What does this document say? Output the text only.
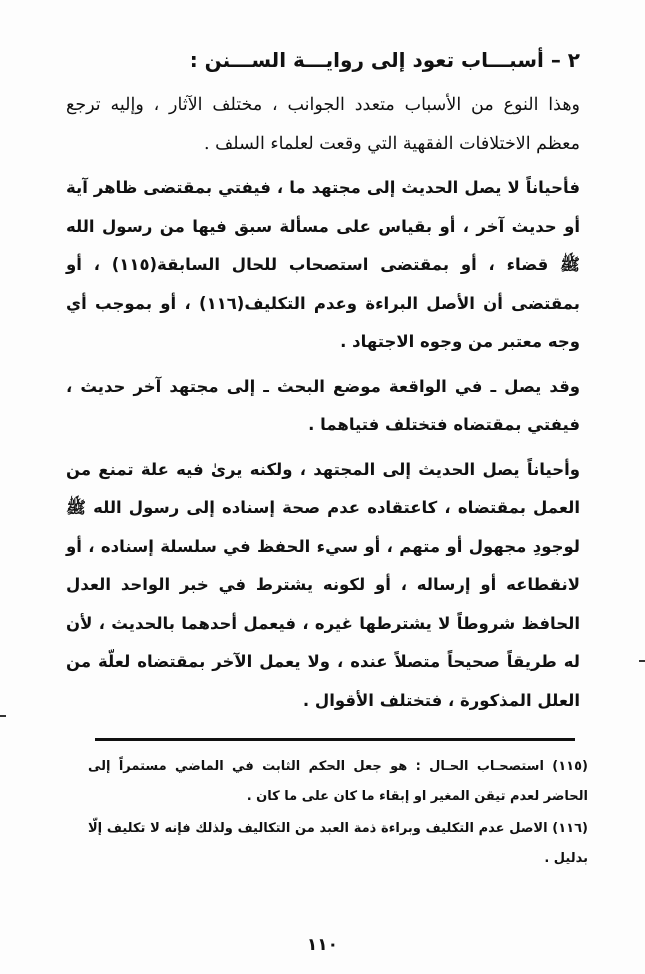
٢ – أسبـــاب تعود إلى روايـــة الســـنن :

وهذا النوع من الأسباب متعدد الجوانب ، مختلف الآثار ، وإليه ترجع معظم الاختلافات الفقهية التي وقعت لعلماء السلف .

فأحياناً لا يصل الحديث إلى مجتهد ما ، فيفتي بمقتضى ظاهر آية أو حديث آخر ، أو بقياس على مسألة سبق فيها من رسول الله ﷺ قضاء ، أو بمقتضى استصحاب للحال السابقة(١١٥) ، أو بمقتضى أن الأصل البراءة وعدم التكليف(١١٦) ، أو بموجب أي وجه معتبر من وجوه الاجتهاد .

وقد يصل ـ في الواقعة موضع البحث ـ إلى مجتهد آخر حديث ، فيفتي بمقتضاه فتختلف فتياهما .

وأحياناً يصل الحديث إلى المجتهد ، ولكنه يرىٰ فيه علة تمنع من العمل بمقتضاه ، كاعتقاده عدم صحة إسناده إلى رسول الله ﷺ لوجودِ مجهول أو متهم ، أو سيء الحفظ في سلسلة إسناده ، أو لانقطاعه أو إرساله ، أو لكونه يشترط في خبر الواحد العدل الحافظ شروطاً لا يشترطها غيره ، فيعمل أحدهما بالحديث ، لأن له طريقاً صحيحاً متصلاً عنده ، ولا يعمل الآخر بمقتضاه لعلّة من العلل المذكورة ، فتختلف الأقوال .

(١١٥) استصحـاب الحـال : هو جعل الحكم الثابت في الماضي مستمراً إلى الحاضر لعدم تيقن المغير او إبقاء ما كان على ما كان .

(١١٦) الاصل عدم التكليف وبراءة ذمة العبد من التكاليف ولذلك فإنه لا تكليف إلّا بدليل .

١١٠
